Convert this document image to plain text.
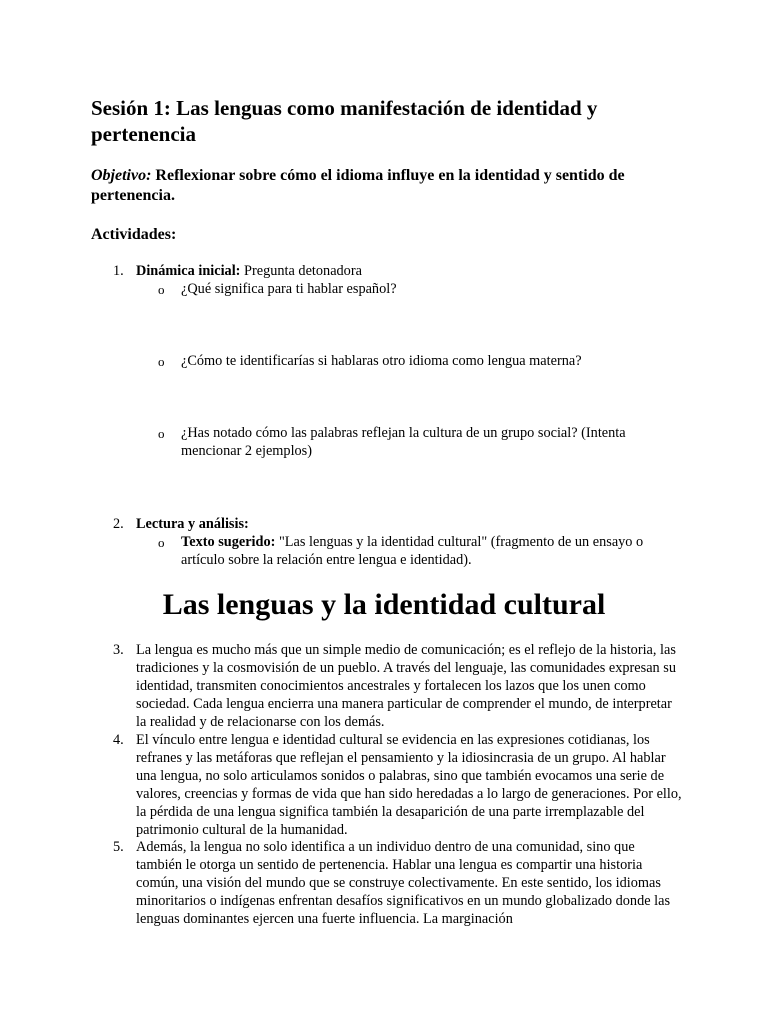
Sesión 1: Las lenguas como manifestación de identidad y pertenencia

Objetivo: Reflexionar sobre cómo el idioma influye en la identidad y sentido de pertenencia.

Actividades:
1. Dinámica inicial: Pregunta detonadora
o ¿Qué significa para ti hablar español?
o ¿Cómo te identificarías si hablaras otro idioma como lengua materna?
o ¿Has notado cómo las palabras reflejan la cultura de un grupo social? (Intenta mencionar 2 ejemplos)
2. Lectura y análisis:
o Texto sugerido: "Las lenguas y la identidad cultural" (fragmento de un ensayo o artículo sobre la relación entre lengua e identidad).
Las lenguas y la identidad cultural
3. La lengua es mucho más que un simple medio de comunicación; es el reflejo de la historia, las tradiciones y la cosmovisión de un pueblo. A través del lenguaje, las comunidades expresan su identidad, transmiten conocimientos ancestrales y fortalecen los lazos que los unen como sociedad. Cada lengua encierra una manera particular de comprender el mundo, de interpretar la realidad y de relacionarse con los demás.

4. El vínculo entre lengua e identidad cultural se evidencia en las expresiones cotidianas, los refranes y las metáforas que reflejan el pensamiento y la idiosincrasia de un grupo. Al hablar una lengua, no solo articulamos sonidos o palabras, sino que también evocamos una serie de valores, creencias y formas de vida que han sido heredadas a lo largo de generaciones. Por ello, la pérdida de una lengua significa también la desaparición de una parte irremplazable del patrimonio cultural de la humanidad.

5. Además, la lengua no solo identifica a un individuo dentro de una comunidad, sino que también le otorga un sentido de pertenencia. Hablar una lengua es compartir una historia común, una visión del mundo que se construye colectivamente. En este sentido, los idiomas minoritarios o indígenas enfrentan desafíos significativos en un mundo globalizado donde las lenguas dominantes ejercen una fuerte influencia. La marginación
